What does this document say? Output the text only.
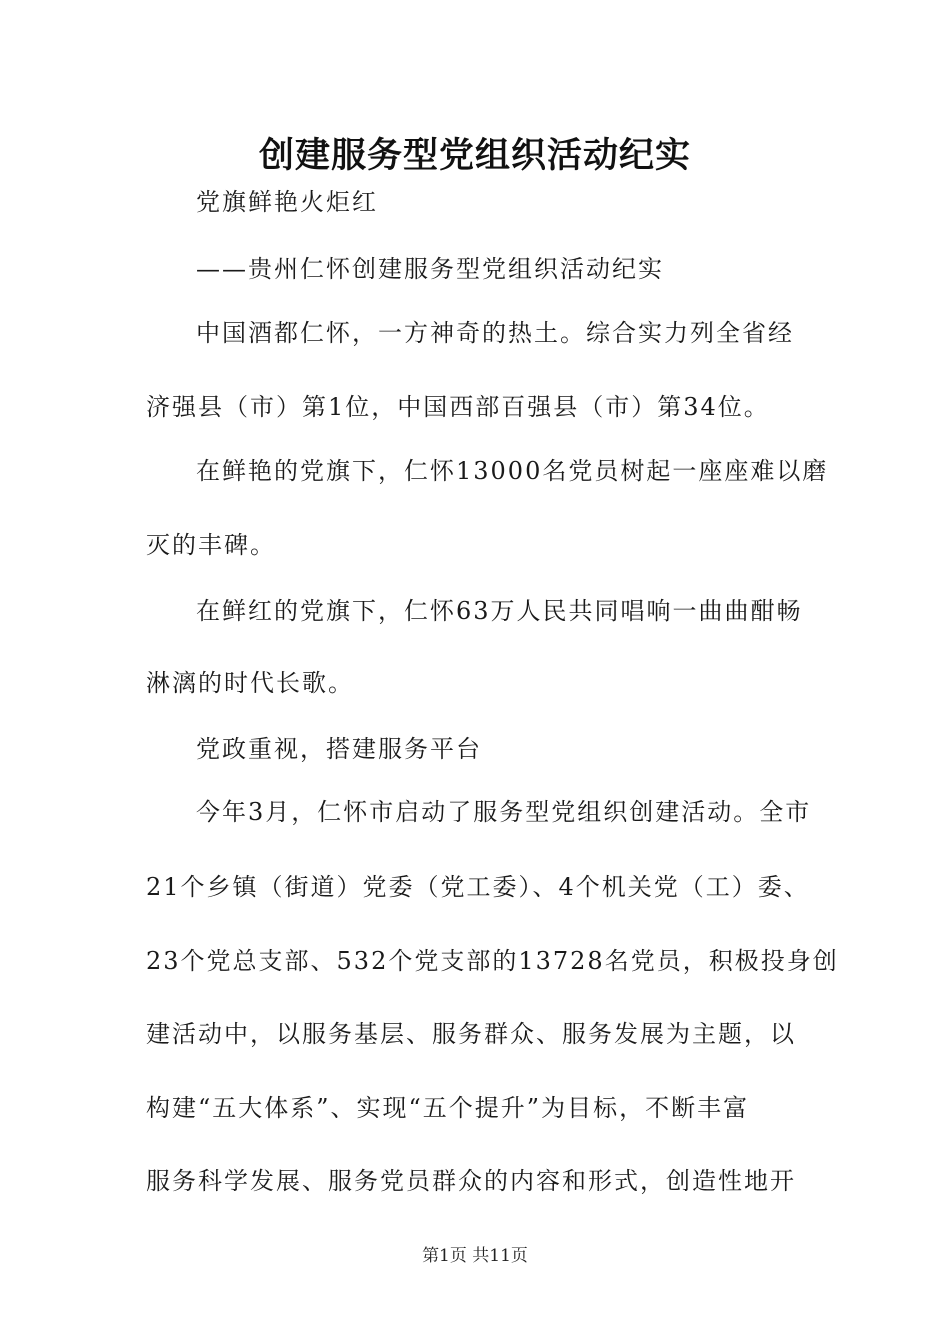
创建服务型党组织活动纪实

党旗鲜艳火炬红

——贵州仁怀创建服务型党组织活动纪实

中国酒都仁怀，一方神奇的热土。综合实力列全省经

济强县（市）第1位，中国西部百强县（市）第34位。

在鲜艳的党旗下，仁怀13000名党员树起一座座难以磨

灭的丰碑。

在鲜红的党旗下，仁怀63万人民共同唱响一曲曲酣畅

淋漓的时代长歌。

党政重视，搭建服务平台

今年3月，仁怀市启动了服务型党组织创建活动。全市

21个乡镇（街道）党委（党工委）、4个机关党（工）委、

23个党总支部、532个党支部的13728名党员，积极投身创

建活动中，以服务基层、服务群众、服务发展为主题，以

构建“五大体系”、实现“五个提升”为目标，不断丰富

服务科学发展、服务党员群众的内容和形式，创造性地开

第1页 共11页
